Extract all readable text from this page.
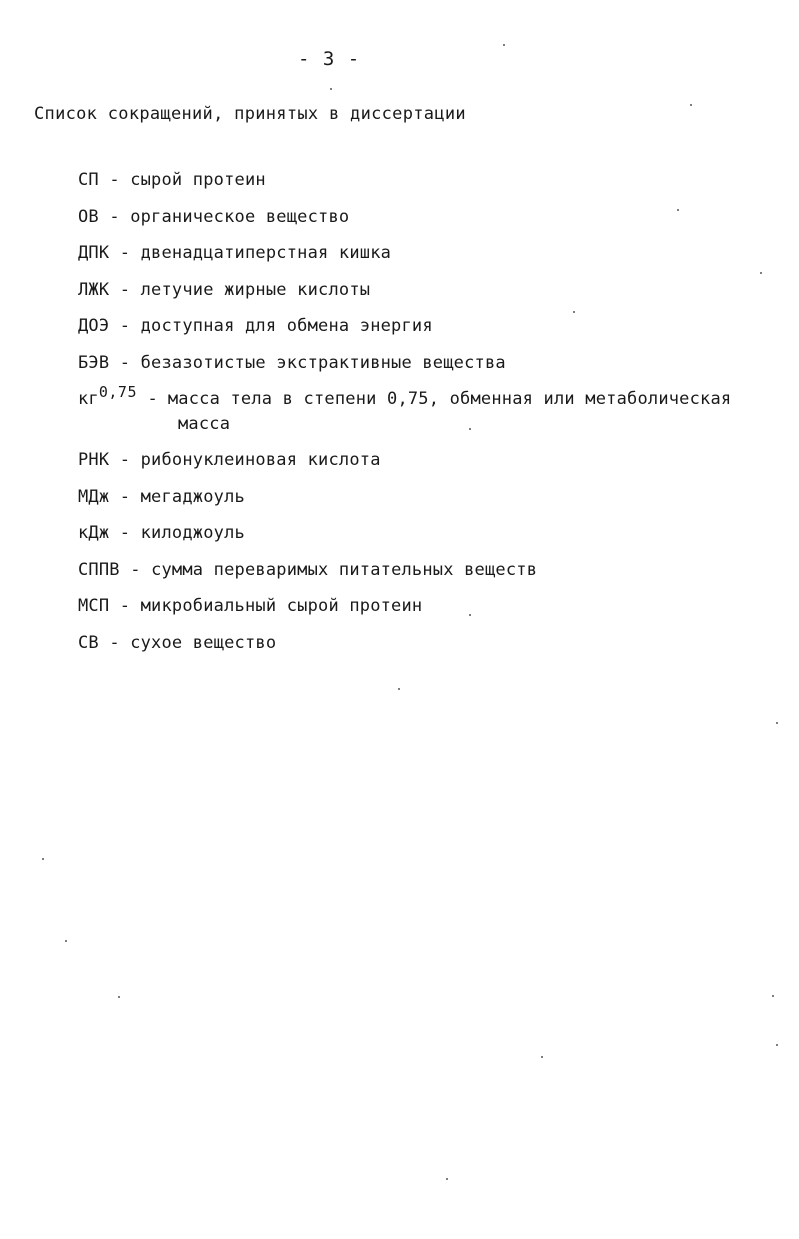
- 3 -
Список сокращений, принятых в диссертации
СП - сырой протеин
ОВ - органическое вещество
ДПК - двенадцатиперстная кишка
ЛЖК - летучие жирные кислоты
ДОЭ - доступная для обмена энергия
БЭВ - безазотистые экстрактивные вещества
кг$^{0,75}$ - масса тела в степени 0,75, обменная или метаболическая
масса
РНК - рибонуклеиновая кислота
МДж - мегаджоуль
кДж - килоджоуль
СППВ - сумма переваримых питательных веществ
МСП - микробиальный сырой протеин
СВ - сухое вещество
